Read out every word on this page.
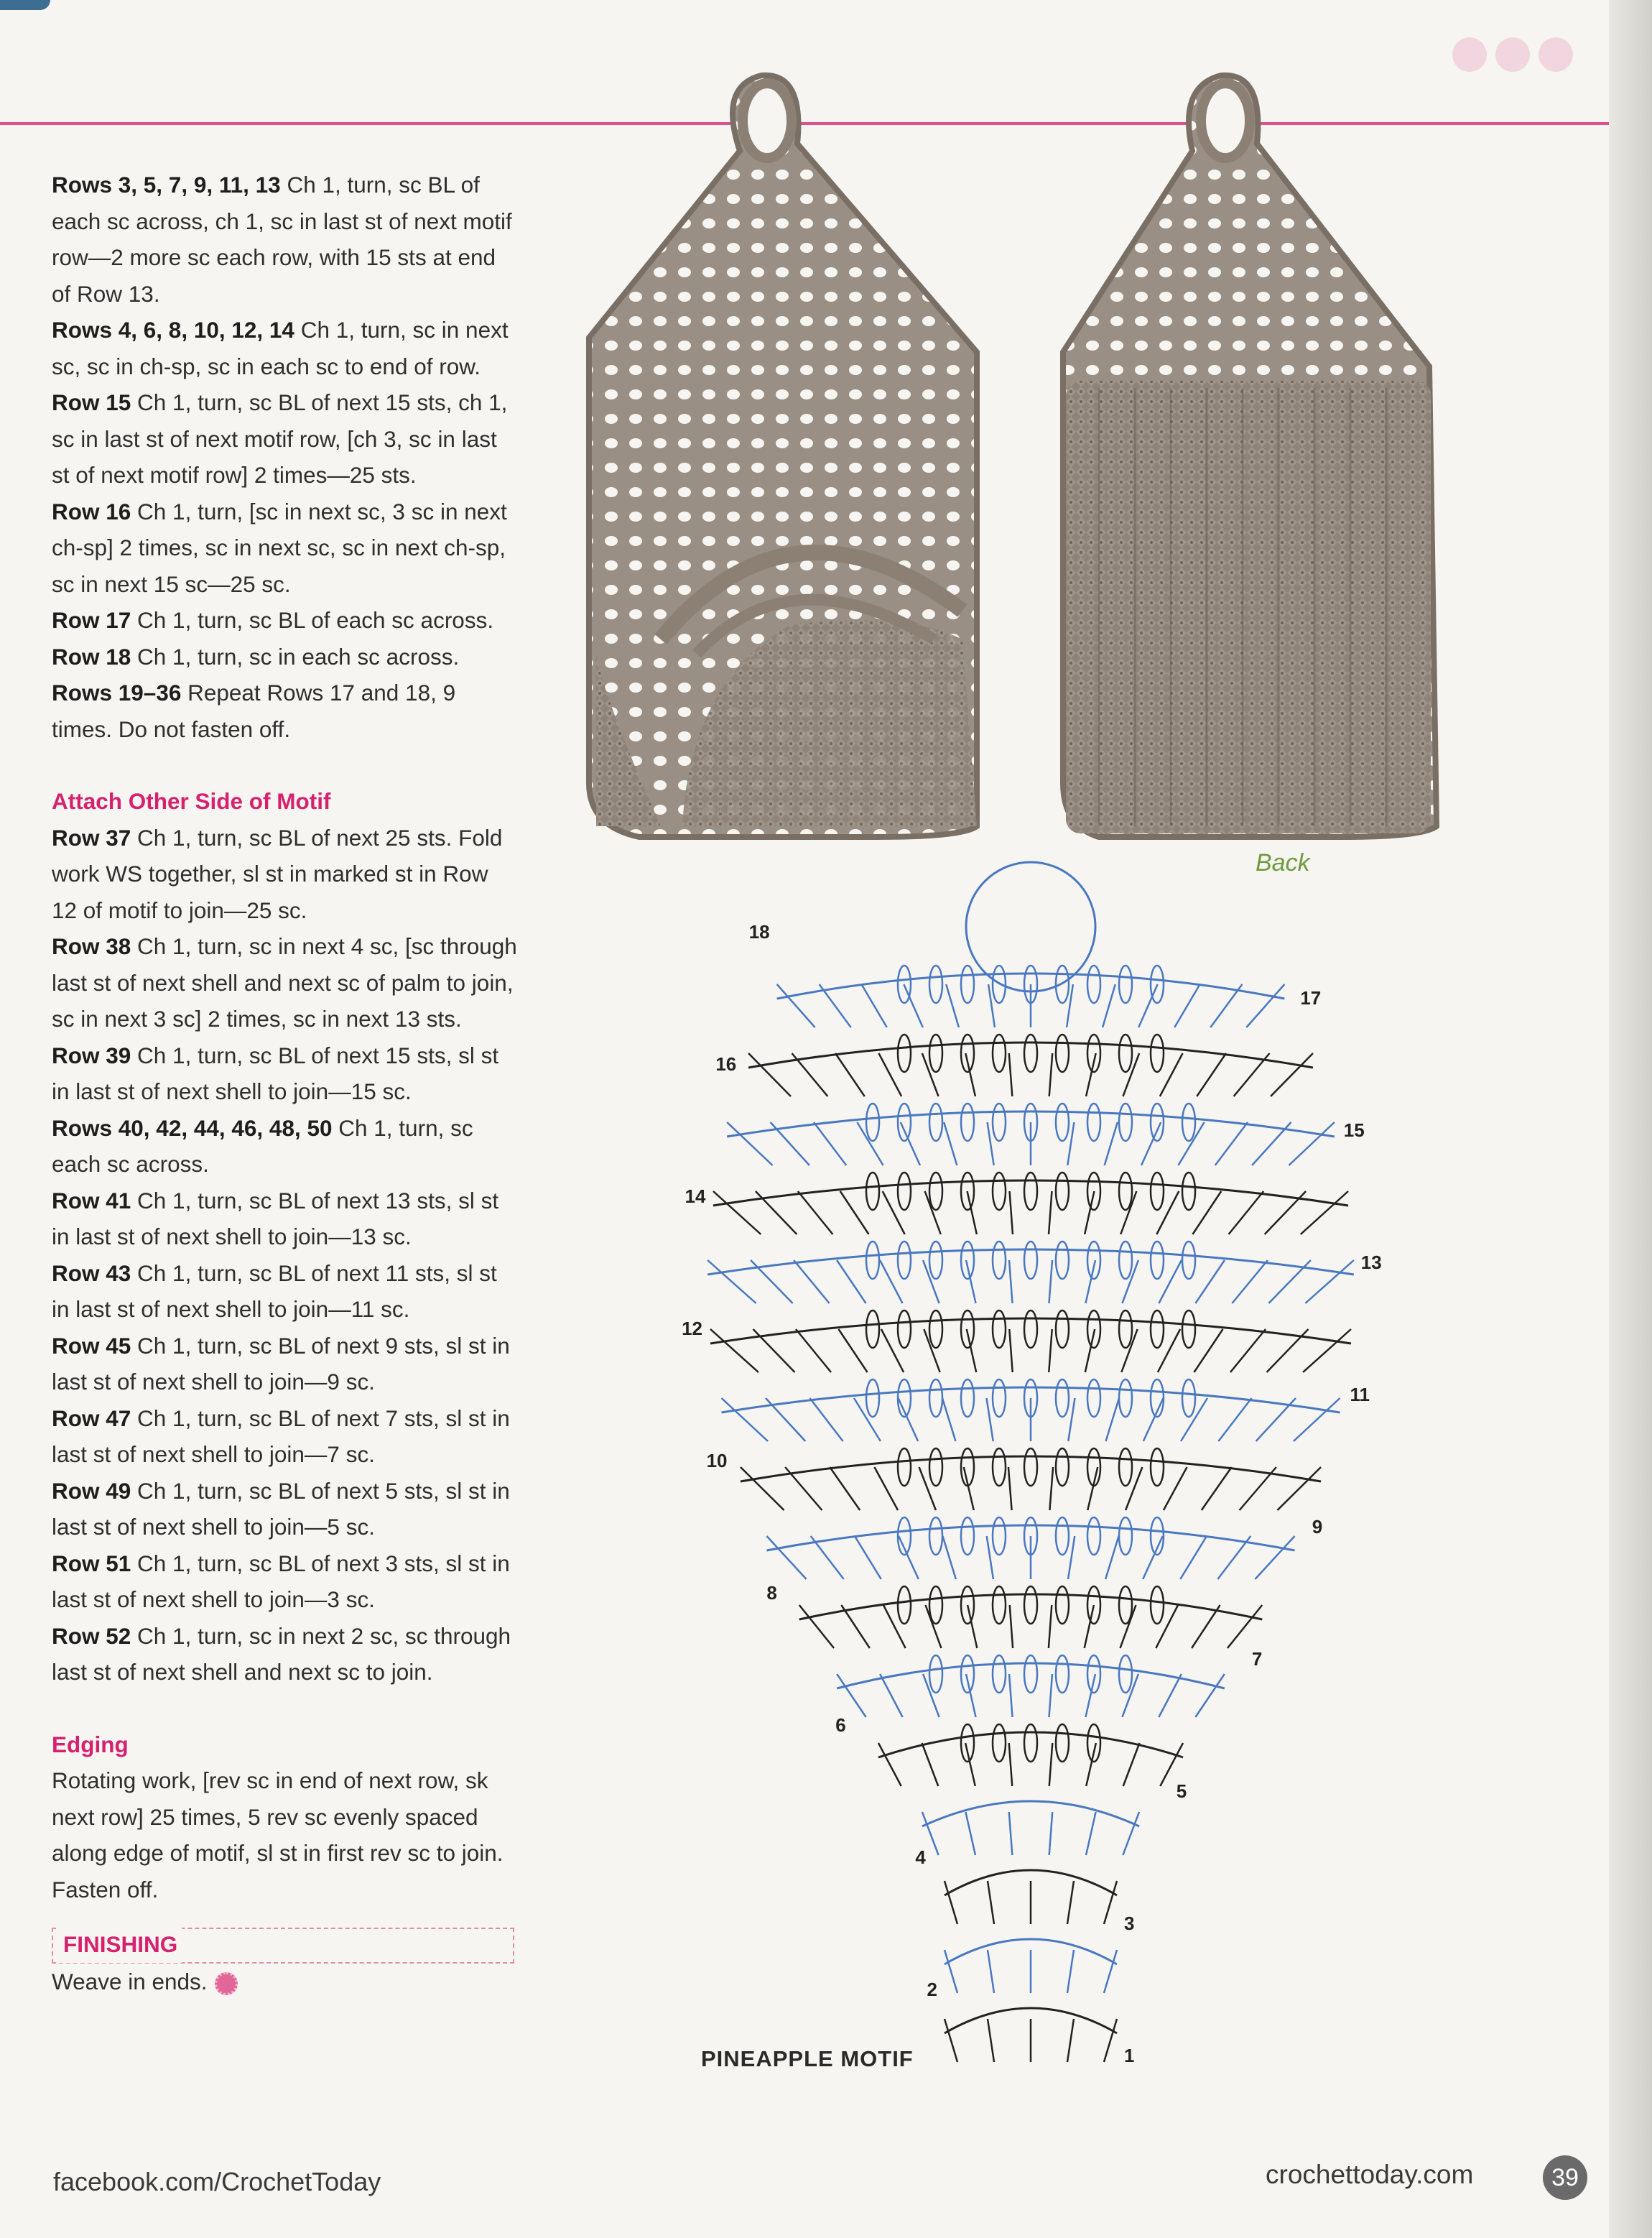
Rows 3, 5, 7, 9, 11, 13 Ch 1, turn, sc BL of each sc across, ch 1, sc in last st of next motif row—2 more sc each row, with 15 sts at end of Row 13.

Rows 4, 6, 8, 10, 12, 14 Ch 1, turn, sc in next sc, sc in ch-sp, sc in each sc to end of row.

Row 15 Ch 1, turn, sc BL of next 15 sts, ch 1, sc in last st of next motif row, [ch 3, sc in last st of next motif row] 2 times—25 sts.

Row 16 Ch 1, turn, [sc in next sc, 3 sc in next ch-sp] 2 times, sc in next sc, sc in next ch-sp, sc in next 15 sc—25 sc.

Row 17 Ch 1, turn, sc BL of each sc across.

Row 18 Ch 1, turn, sc in each sc across.

Rows 19–36 Repeat Rows 17 and 18, 9 times. Do not fasten off.

Attach Other Side of Motif

Row 37 Ch 1, turn, sc BL of next 25 sts. Fold work WS together, sl st in marked st in Row 12 of motif to join—25 sc.

Row 38 Ch 1, turn, sc in next 4 sc, [sc through last st of next shell and next sc of palm to join, sc in next 3 sc] 2 times, sc in next 13 sts.

Row 39 Ch 1, turn, sc BL of next 15 sts, sl st in last st of next shell to join—15 sc.

Rows 40, 42, 44, 46, 48, 50 Ch 1, turn, sc each sc across.

Row 41 Ch 1, turn, sc BL of next 13 sts, sl st in last st of next shell to join—13 sc.

Row 43 Ch 1, turn, sc BL of next 11 sts, sl st in last st of next shell to join—11 sc.

Row 45 Ch 1, turn, sc BL of next 9 sts, sl st in last st of next shell to join—9 sc.

Row 47 Ch 1, turn, sc BL of next 7 sts, sl st in last st of next shell to join—7 sc.

Row 49 Ch 1, turn, sc BL of next 5 sts, sl st in last st of next shell to join—5 sc.

Row 51 Ch 1, turn, sc BL of next 3 sts, sl st in last st of next shell to join—3 sc.

Row 52 Ch 1, turn, sc in next 2 sc, sc through last st of next shell and next sc to join.

Edging

Rotating work, [rev sc in end of next row, sk next row] 25 times, 5 rev sc evenly spaced along edge of motif, sl st in first rev sc to join. Fasten off.

FINISHING

Weave in ends.

Back
1
2
3
4
5
6
7
8
9
10
11
12
13
14
15
16
17
18
PINEAPPLE MOTIF
facebook.com/CrochetToday	crochettoday.com	39
